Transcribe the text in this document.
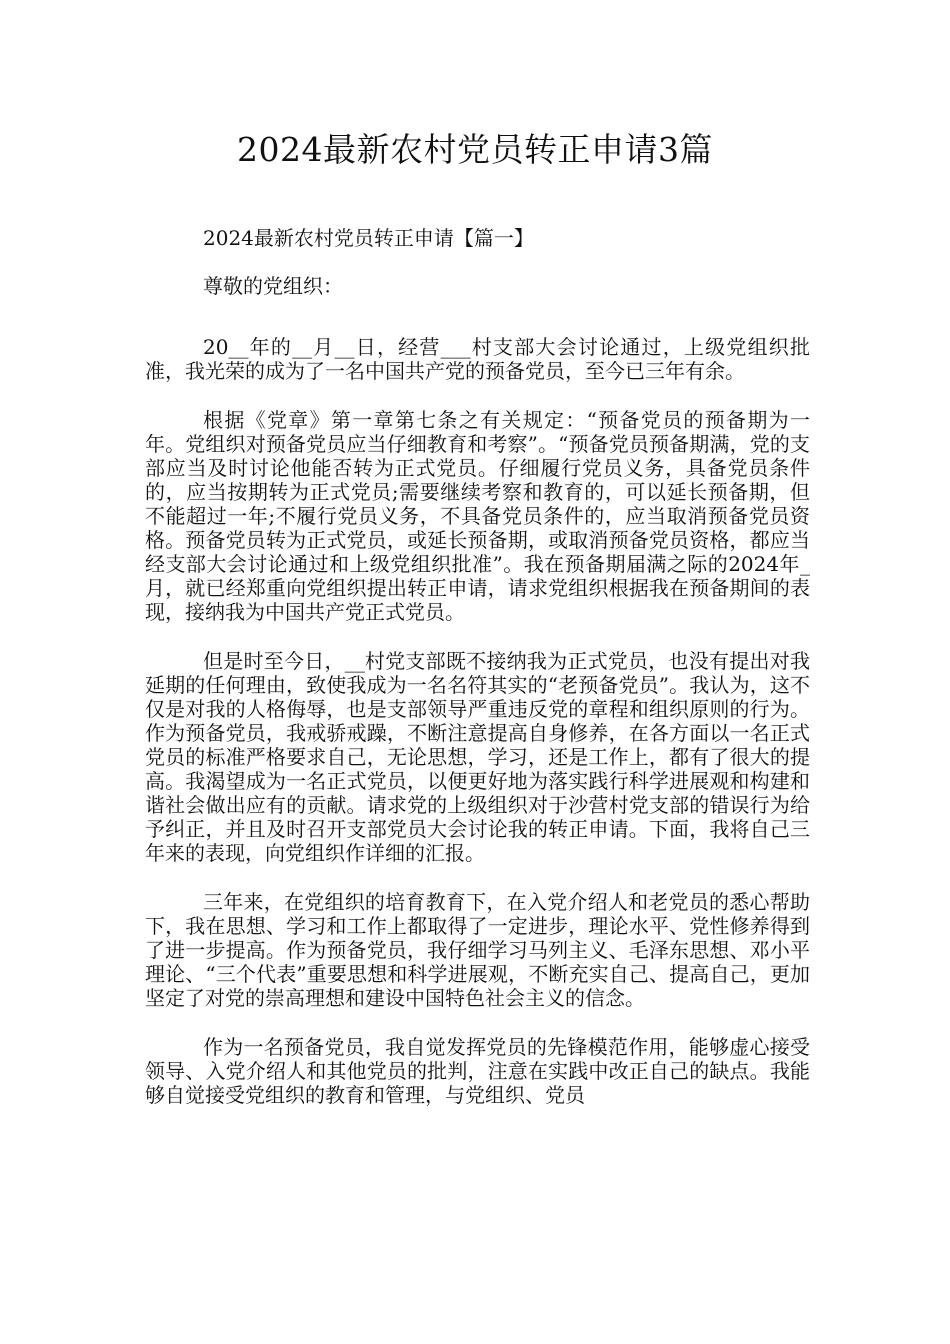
2024最新农村党员转正申请3篇

2024最新农村党员转正申请【篇一】

尊敬的党组织：

20__年的__月__日，经营___村支部大会讨论通过，上级党组织批准，我光荣的成为了一名中国共产党的预备党员，至今已三年有余。

根据《党章》第一章第七条之有关规定：“预备党员的预备期为一年。党组织对预备党员应当仔细教育和考察”。“预备党员预备期满，党的支部应当及时讨论他能否转为正式党员。仔细履行党员义务，具备党员条件的，应当按期转为正式党员;需要继续考察和教育的，可以延长预备期，但不能超过一年;不履行党员义务，不具备党员条件的，应当取消预备党员资格。预备党员转为正式党员，或延长预备期，或取消预备党员资格，都应当经支部大会讨论通过和上级党组织批准”。我在预备期届满之际的2024年_月，就已经郑重向党组织提出转正申请，请求党组织根据我在预备期间的表现，接纳我为中国共产党正式党员。

但是时至今日，__村党支部既不接纳我为正式党员，也没有提出对我延期的任何理由，致使我成为一名名符其实的“老预备党员”。我认为，这不仅是对我的人格侮辱，也是支部领导严重违反党的章程和组织原则的行为。作为预备党员，我戒骄戒躁，不断注意提高自身修养，在各方面以一名正式党员的标准严格要求自己，无论思想，学习，还是工作上，都有了很大的提高。我渴望成为一名正式党员，以便更好地为落实践行科学进展观和构建和谐社会做出应有的贡献。请求党的上级组织对于沙营村党支部的错误行为给予纠正，并且及时召开支部党员大会讨论我的转正申请。下面，我将自己三年来的表现，向党组织作详细的汇报。

三年来，在党组织的培育教育下，在入党介绍人和老党员的悉心帮助下，我在思想、学习和工作上都取得了一定进步，理论水平、党性修养得到了进一步提高。作为预备党员，我仔细学习马列主义、毛泽东思想、邓小平理论、“三个代表”重要思想和科学进展观，不断充实自己、提高自己，更加坚定了对党的崇高理想和建设中国特色社会主义的信念。

作为一名预备党员，我自觉发挥党员的先锋模范作用，能够虚心接受领导、入党介绍人和其他党员的批判，注意在实践中改正自己的缺点。我能够自觉接受党组织的教育和管理，与党组织、党员
